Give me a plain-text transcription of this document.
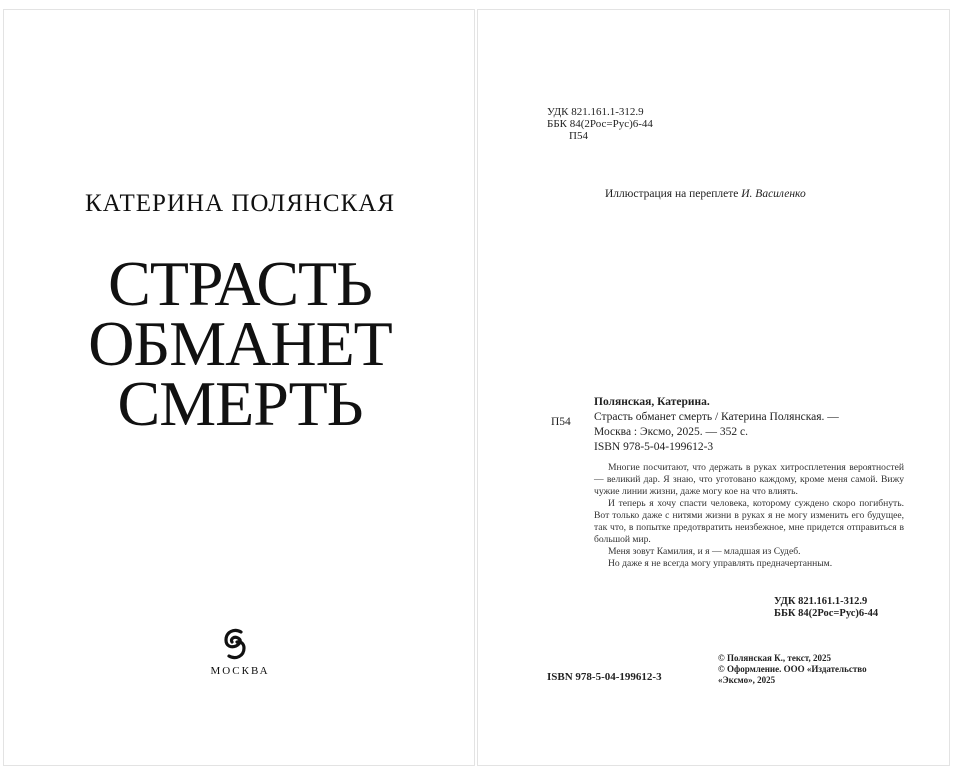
КАТЕРИНА ПОЛЯНСКАЯ
СТРАСТЬ
ОБМАНЕТ
СМЕРТЬ
МОСКВА
УДК 821.161.1-312.9
ББК 84(2Рос=Рус)6-44
П54
Иллюстрация на переплете И. Василенко
П54
Полянская, Катерина.
Страсть обманет смерть / Катерина Полянская. —
Москва : Эксмо, 2025. — 352 с.
ISBN 978-5-04-199612-3

Многие посчитают, что держать в руках хитросплетения вероятностей — великий дар. Я знаю, что уготовано каждому, кроме меня самой. Вижу чужие линии жизни, даже могу кое на что влиять.

И теперь я хочу спасти человека, которому суждено скоро погибнуть. Вот только даже с нитями жизни в руках я не могу изменить его будущее, так что, в попытке предотвратить неизбежное, мне придется отправиться в большой мир.

Меня зовут Камилия, и я — младшая из Судеб.

Но даже я не всегда могу управлять предначертанным.

УДК 821.161.1-312.9
ББК 84(2Рос=Рус)6-44
ISBN 978-5-04-199612-3
© Полянская К., текст, 2025
© Оформление. ООО «Издательство
«Эксмо», 2025
